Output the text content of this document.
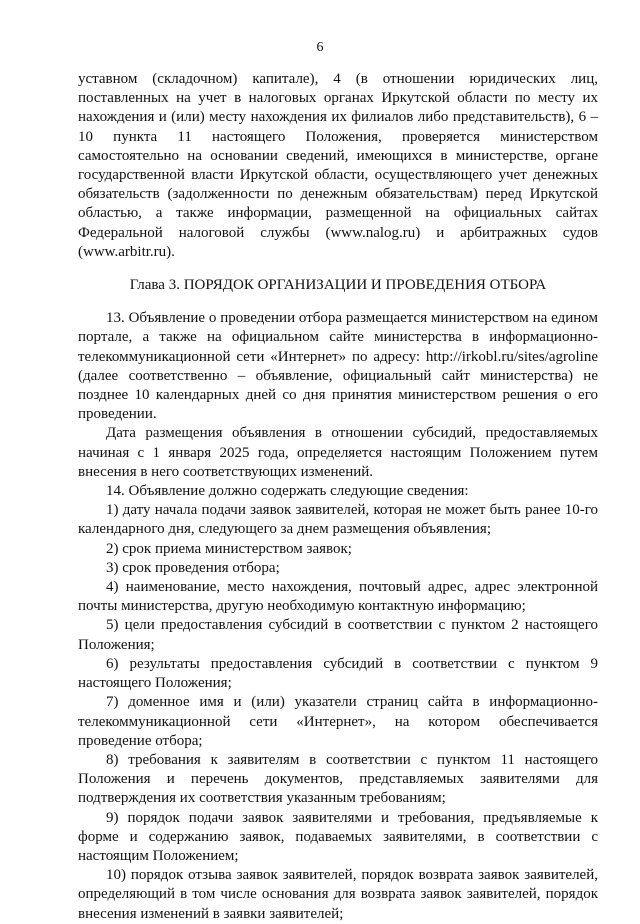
6

уставном (складочном) капитале), 4 (в отношении юридических лиц, поставленных на учет в налоговых органах Иркутской области по месту их нахождения и (или) месту нахождения их филиалов либо представительств), 6 – 10 пункта 11 настоящего Положения, проверяется министерством самостоятельно на основании сведений, имеющихся в министерстве, органе государственной власти Иркутской области, осуществляющего учет денежных обязательств (задолженности по денежным обязательствам) перед Иркутской областью, а также информации, размещенной на официальных сайтах Федеральной налоговой службы (www.nalog.ru) и арбитражных судов (www.arbitr.ru).

Глава 3. ПОРЯДОК ОРГАНИЗАЦИИ И ПРОВЕДЕНИЯ ОТБОРА

13. Объявление о проведении отбора размещается министерством на едином портале, а также на официальном сайте министерства в информационно-телекоммуникационной сети «Интернет» по адресу: http://irkobl.ru/sites/agroline (далее соответственно – объявление, официальный сайт министерства) не позднее 10 календарных дней со дня принятия министерством решения о его проведении.

Дата размещения объявления в отношении субсидий, предоставляемых начиная с 1 января 2025 года, определяется настоящим Положением путем внесения в него соответствующих изменений.

14. Объявление должно содержать следующие сведения:

1) дату начала подачи заявок заявителей, которая не может быть ранее 10-го календарного дня, следующего за днем размещения объявления;

2) срок приема министерством заявок;

3) срок проведения отбора;

4) наименование, место нахождения, почтовый адрес, адрес электронной почты министерства, другую необходимую контактную информацию;

5) цели предоставления субсидий в соответствии с пунктом 2 настоящего Положения;

6) результаты предоставления субсидий в соответствии с пунктом 9 настоящего Положения;

7) доменное имя и (или) указатели страниц сайта в информационно-телекоммуникационной сети «Интернет», на котором обеспечивается проведение отбора;

8) требования к заявителям в соответствии с пунктом 11 настоящего Положения и перечень документов, представляемых заявителями для подтверждения их соответствия указанным требованиям;

9) порядок подачи заявок заявителями и требования, предъявляемые к форме и содержанию заявок, подаваемых заявителями, в соответствии с настоящим Положением;

10) порядок отзыва заявок заявителей, порядок возврата заявок заявителей, определяющий в том числе основания для возврата заявок заявителей, порядок внесения изменений в заявки заявителей;
